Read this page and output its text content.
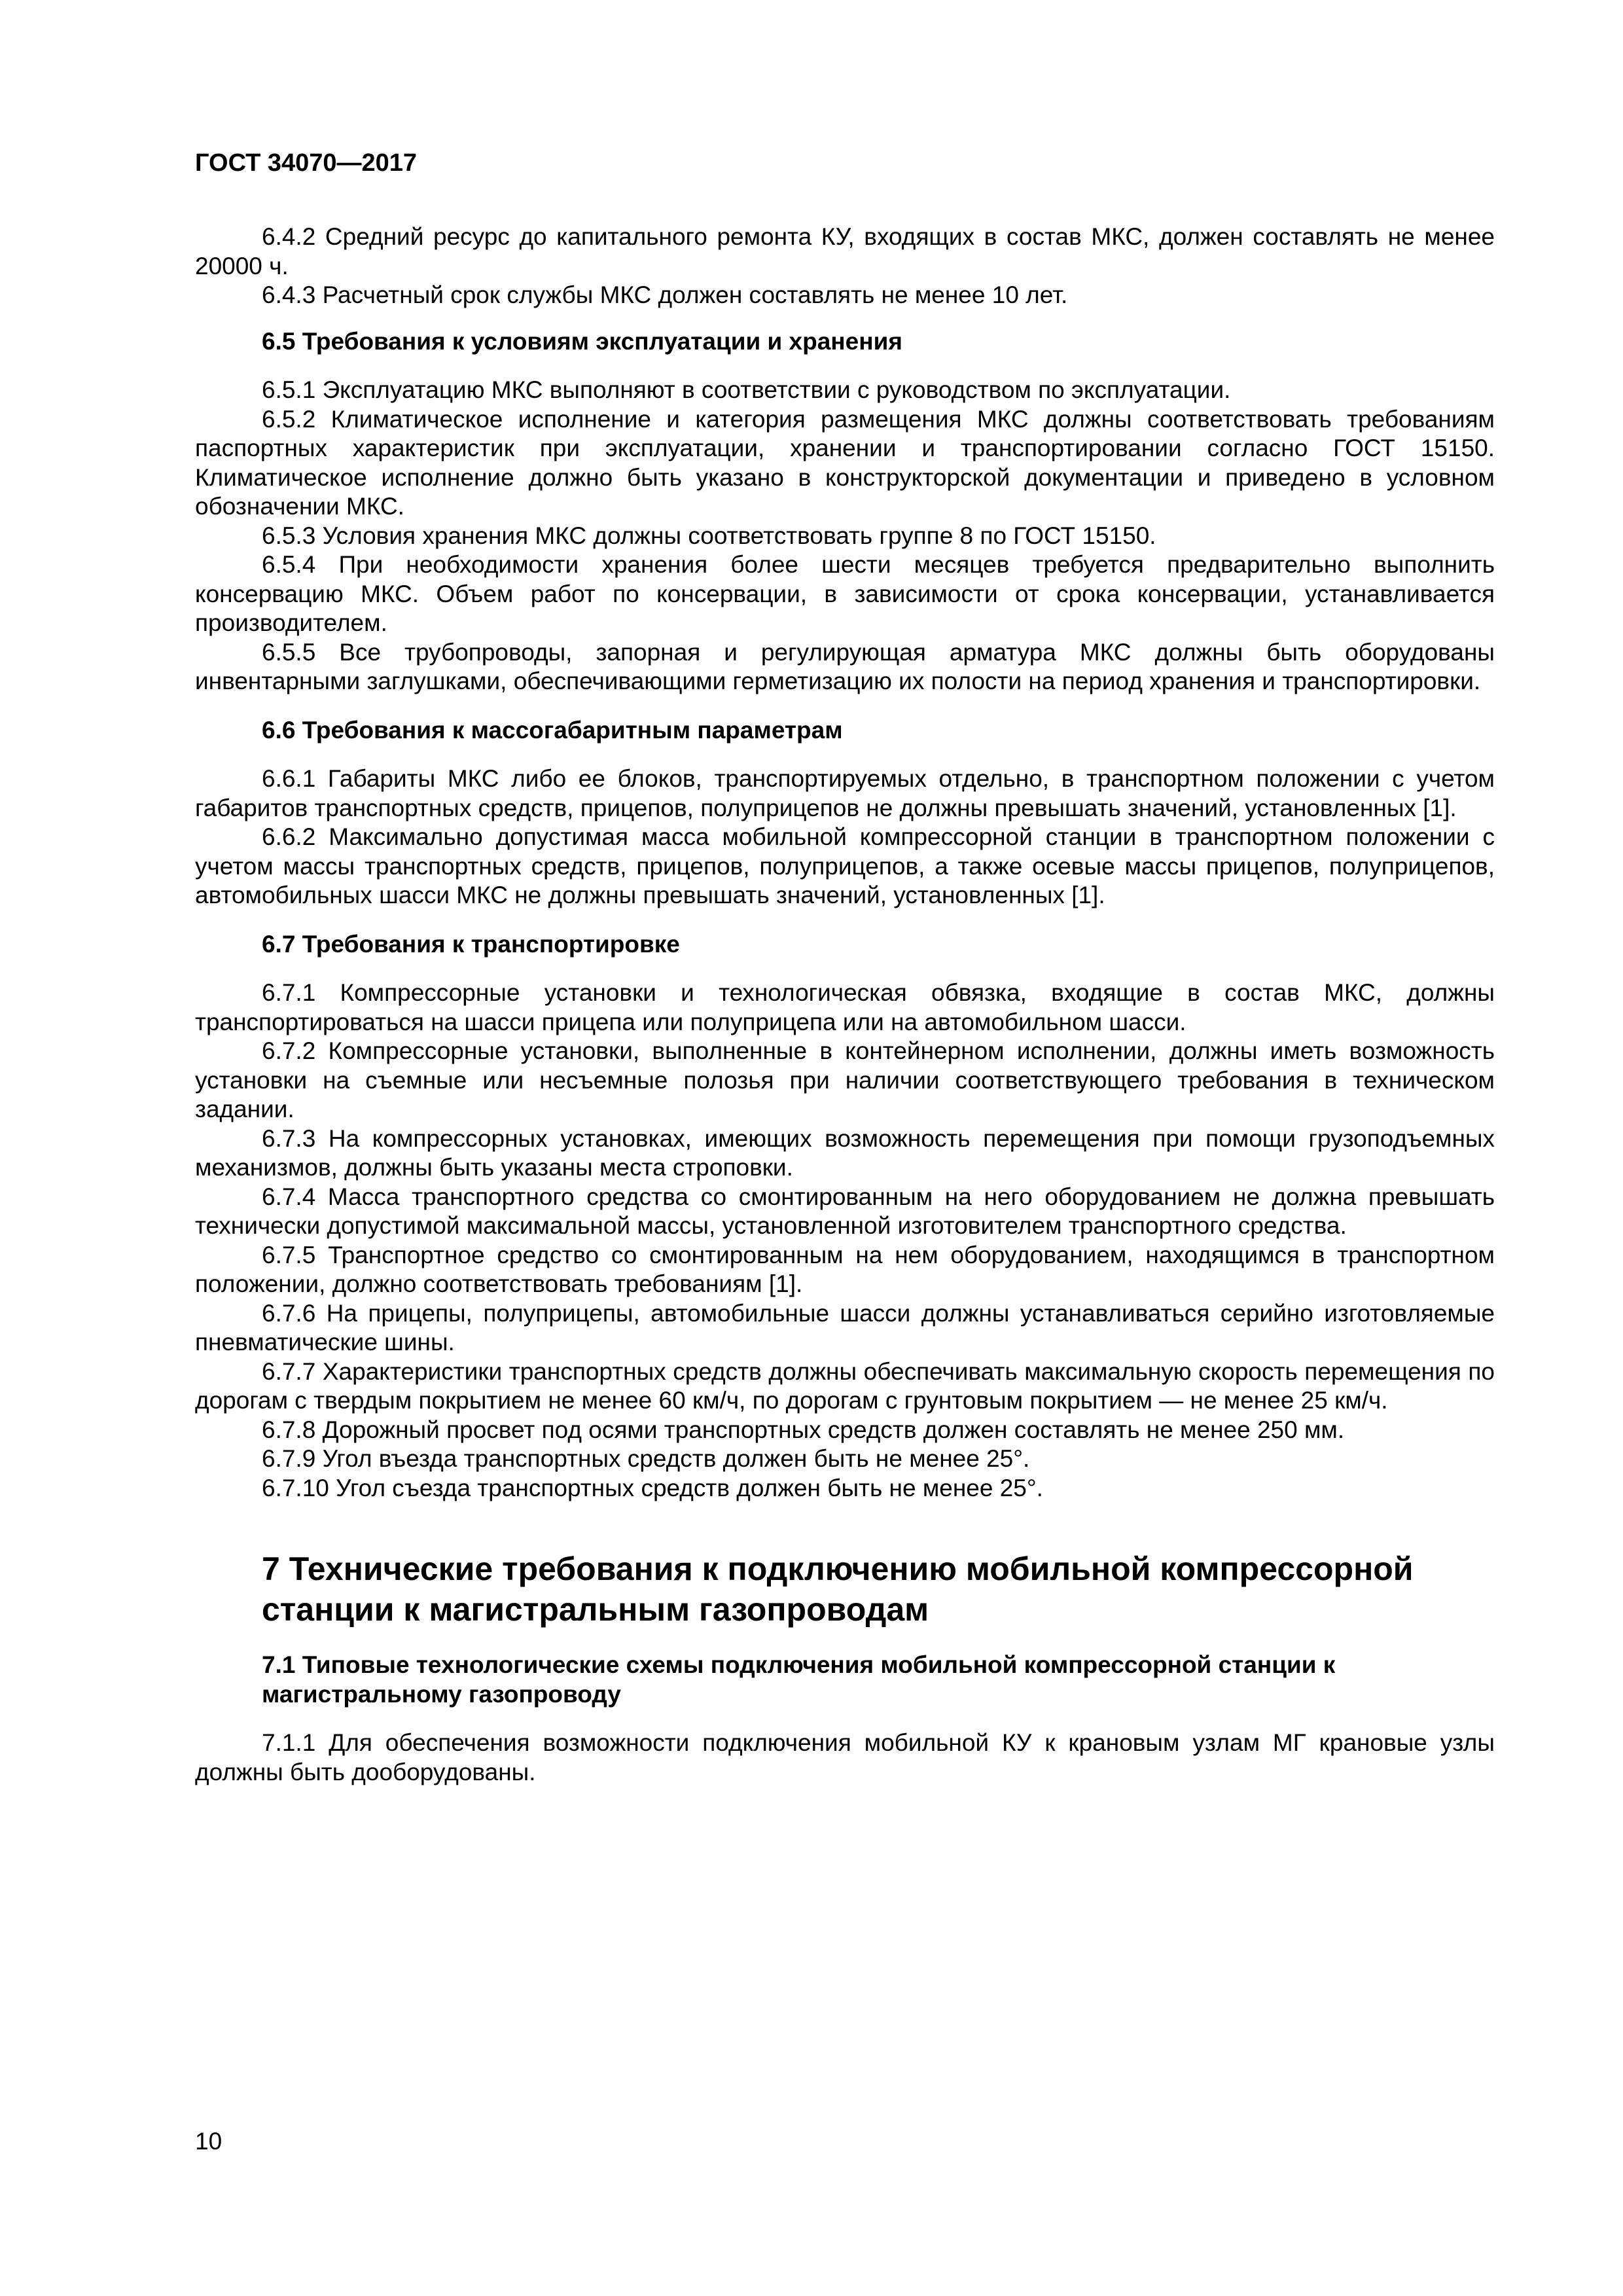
ГОСТ 34070—2017

6.4.2 Средний ресурс до капитального ремонта КУ, входящих в состав МКС, должен составлять не менее 20000 ч.

6.4.3 Расчетный срок службы МКС должен составлять не менее 10 лет.

6.5 Требования к условиям эксплуатации и хранения

6.5.1 Эксплуатацию МКС выполняют в соответствии с руководством по эксплуатации.

6.5.2 Климатическое исполнение и категория размещения МКС должны соответствовать требованиям паспортных характеристик при эксплуатации, хранении и транспортировании согласно ГОСТ 15150. Климатическое исполнение должно быть указано в конструкторской документации и приведено в условном обозначении МКС.

6.5.3 Условия хранения МКС должны соответствовать группе 8 по ГОСТ 15150.

6.5.4 При необходимости хранения более шести месяцев требуется предварительно выполнить консервацию МКС. Объем работ по консервации, в зависимости от срока консервации, устанавливается производителем.

6.5.5 Все трубопроводы, запорная и регулирующая арматура МКС должны быть оборудованы инвентарными заглушками, обеспечивающими герметизацию их полости на период хранения и транспортировки.

6.6 Требования к массогабаритным параметрам

6.6.1 Габариты МКС либо ее блоков, транспортируемых отдельно, в транспортном положении с учетом габаритов транспортных средств, прицепов, полуприцепов не должны превышать значений, установленных [1].

6.6.2 Максимально допустимая масса мобильной компрессорной станции в транспортном положении с учетом массы транспортных средств, прицепов, полуприцепов, а также осевые массы прицепов, полуприцепов, автомобильных шасси МКС не должны превышать значений, установленных [1].

6.7 Требования к транспортировке

6.7.1 Компрессорные установки и технологическая обвязка, входящие в состав МКС, должны транспортироваться на шасси прицепа или полуприцепа или на автомобильном шасси.

6.7.2 Компрессорные установки, выполненные в контейнерном исполнении, должны иметь возможность установки на съемные или несъемные полозья при наличии соответствующего требования в техническом задании.

6.7.3 На компрессорных установках, имеющих возможность перемещения при помощи грузоподъемных механизмов, должны быть указаны места строповки.

6.7.4 Масса транспортного средства со смонтированным на него оборудованием не должна превышать технически допустимой максимальной массы, установленной изготовителем транспортного средства.

6.7.5 Транспортное средство со смонтированным на нем оборудованием, находящимся в транспортном положении, должно соответствовать требованиям [1].

6.7.6 На прицепы, полуприцепы, автомобильные шасси должны устанавливаться серийно изготовляемые пневматические шины.

6.7.7 Характеристики транспортных средств должны обеспечивать максимальную скорость перемещения по дорогам с твердым покрытием не менее 60 км/ч, по дорогам с грунтовым покрытием — не менее 25 км/ч.

6.7.8 Дорожный просвет под осями транспортных средств должен составлять не менее 250 мм.

6.7.9 Угол въезда транспортных средств должен быть не менее 25°.

6.7.10 Угол съезда транспортных средств должен быть не менее 25°.

7 Технические требования к подключению мобильной компрессорной станции к магистральным газопроводам
7.1 Типовые технологические схемы подключения мобильной компрессорной станции к магистральному газопроводу

7.1.1 Для обеспечения возможности подключения мобильной КУ к крановым узлам МГ крановые узлы должны быть дооборудованы.

10
